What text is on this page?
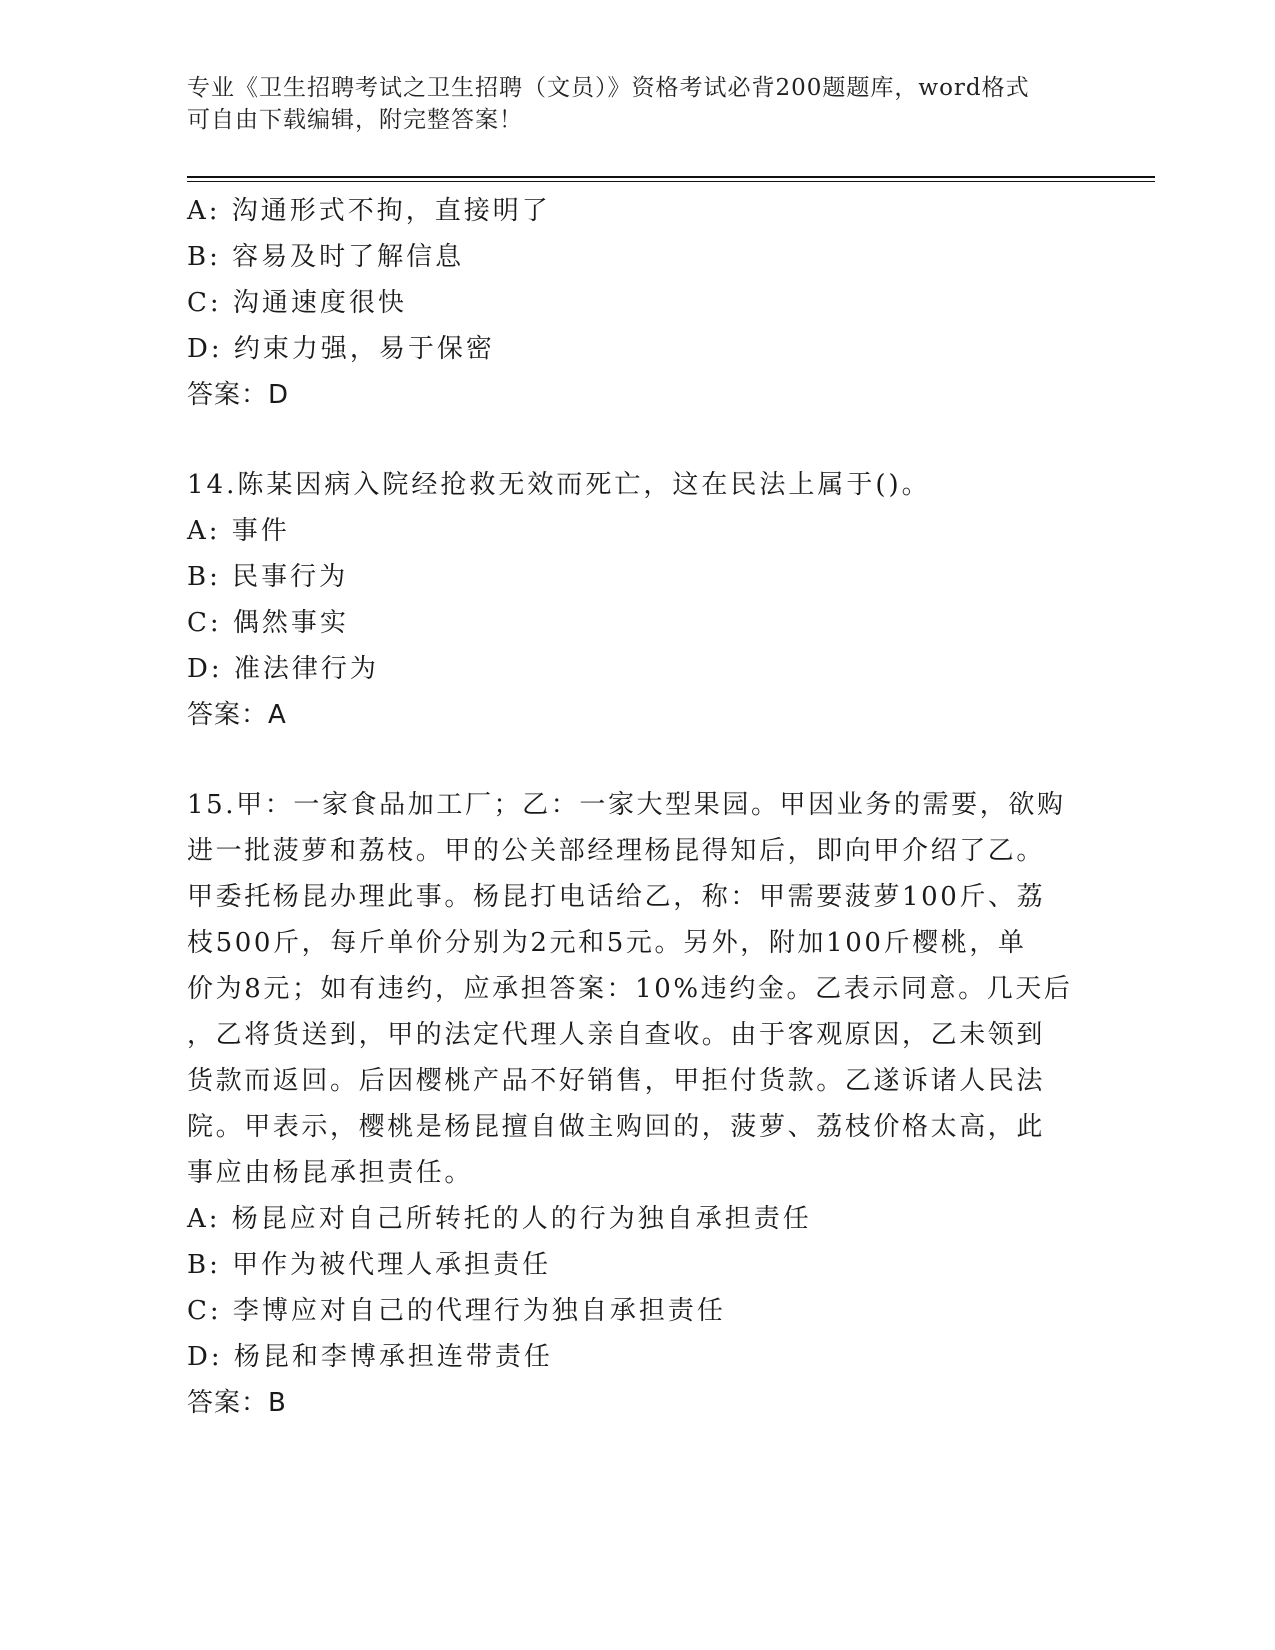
专业《卫生招聘考试之卫生招聘（文员）》资格考试必背200题题库，word格式
可自由下载编辑，附完整答案！
A: 沟通形式不拘，直接明了
B: 容易及时了解信息
C: 沟通速度很快
D: 约束力强，易于保密
答案：D
14.陈某因病入院经抢救无效而死亡，这在民法上属于()。
A: 事件
B: 民事行为
C: 偶然事实
D: 准法律行为
答案：A
15.甲：一家食品加工厂；乙：一家大型果园。甲因业务的需要，欲购
进一批菠萝和荔枝。甲的公关部经理杨昆得知后，即向甲介绍了乙。
甲委托杨昆办理此事。杨昆打电话给乙，称：甲需要菠萝100斤、荔
枝500斤，每斤单价分别为2元和5元。另外，附加100斤樱桃，单
价为8元；如有违约，应承担答案：10%违约金。乙表示同意。几天后
，乙将货送到，甲的法定代理人亲自查收。由于客观原因，乙未领到
货款而返回。后因樱桃产品不好销售，甲拒付货款。乙遂诉诸人民法
院。甲表示，樱桃是杨昆擅自做主购回的，菠萝、荔枝价格太高，此
事应由杨昆承担责任。
A: 杨昆应对自己所转托的人的行为独自承担责任
B: 甲作为被代理人承担责任
C: 李博应对自己的代理行为独自承担责任
D: 杨昆和李博承担连带责任
答案：B
